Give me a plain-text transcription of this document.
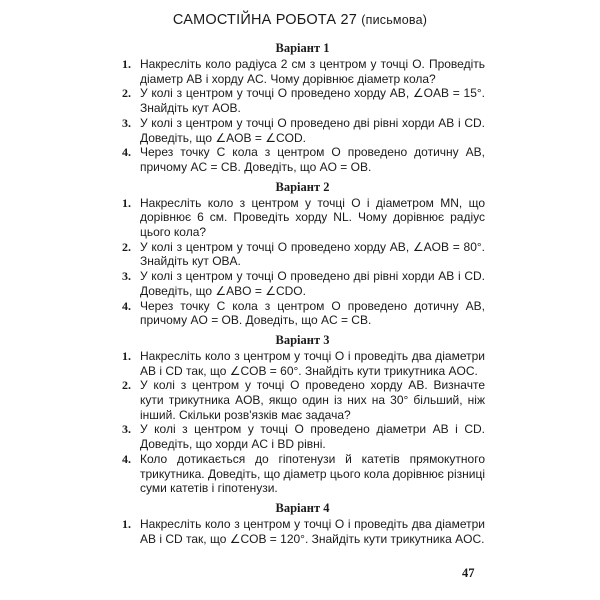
САМОСТІЙНА РОБОТА 27 (письмова)
Варіант 1
1. Накресліть коло радіуса 2 см з центром у точці O. Проведіть діаметр AB і хорду AC. Чому дорівнює діаметр кола?
2. У колі з центром у точці O проведено хорду AB, ∠OAB = 15°. Знайдіть кут AOB.
3. У колі з центром у точці O проведено дві рівні хорди AB і CD. Доведіть, що ∠AOB = ∠COD.
4. Через точку C кола з центром O проведено дотичну AB, причому AC = CB. Доведіть, що AO = OB.
Варіант 2
1. Накресліть коло з центром у точці O і діаметром MN, що дорівнює 6 см. Проведіть хорду NL. Чому дорівнює радіус цього кола?
2. У колі з центром у точці O проведено хорду AB, ∠AOB = 80°. Знайдіть кут OBA.
3. У колі з центром у точці O проведено дві рівні хорди AB і CD. Доведіть, що ∠ABO = ∠CDO.
4. Через точку C кола з центром O проведено дотичну AB, причому AO = OB. Доведіть, що AC = CB.
Варіант 3
1. Накресліть коло з центром у точці O і проведіть два діаметри AB і CD так, що ∠COB = 60°. Знайдіть кути трикутника AOC.
2. У колі з центром у точці O проведено хорду AB. Визначте кути трикутника AOB, якщо один із них на 30° більший, ніж інший. Скільки розв'язків має задача?
3. У колі з центром у точці O проведено діаметри AB і CD. Доведіть, що хорди AC і BD рівні.
4. Коло дотикається до гіпотенузи й катетів прямокутного трикутника. Доведіть, що діаметр цього кола дорівнює різниці суми катетів і гіпотенузи.
Варіант 4
1. Накресліть коло з центром у точці O і проведіть два діаметри AB і CD так, що ∠COB = 120°. Знайдіть кути трикутника AOC.
47
